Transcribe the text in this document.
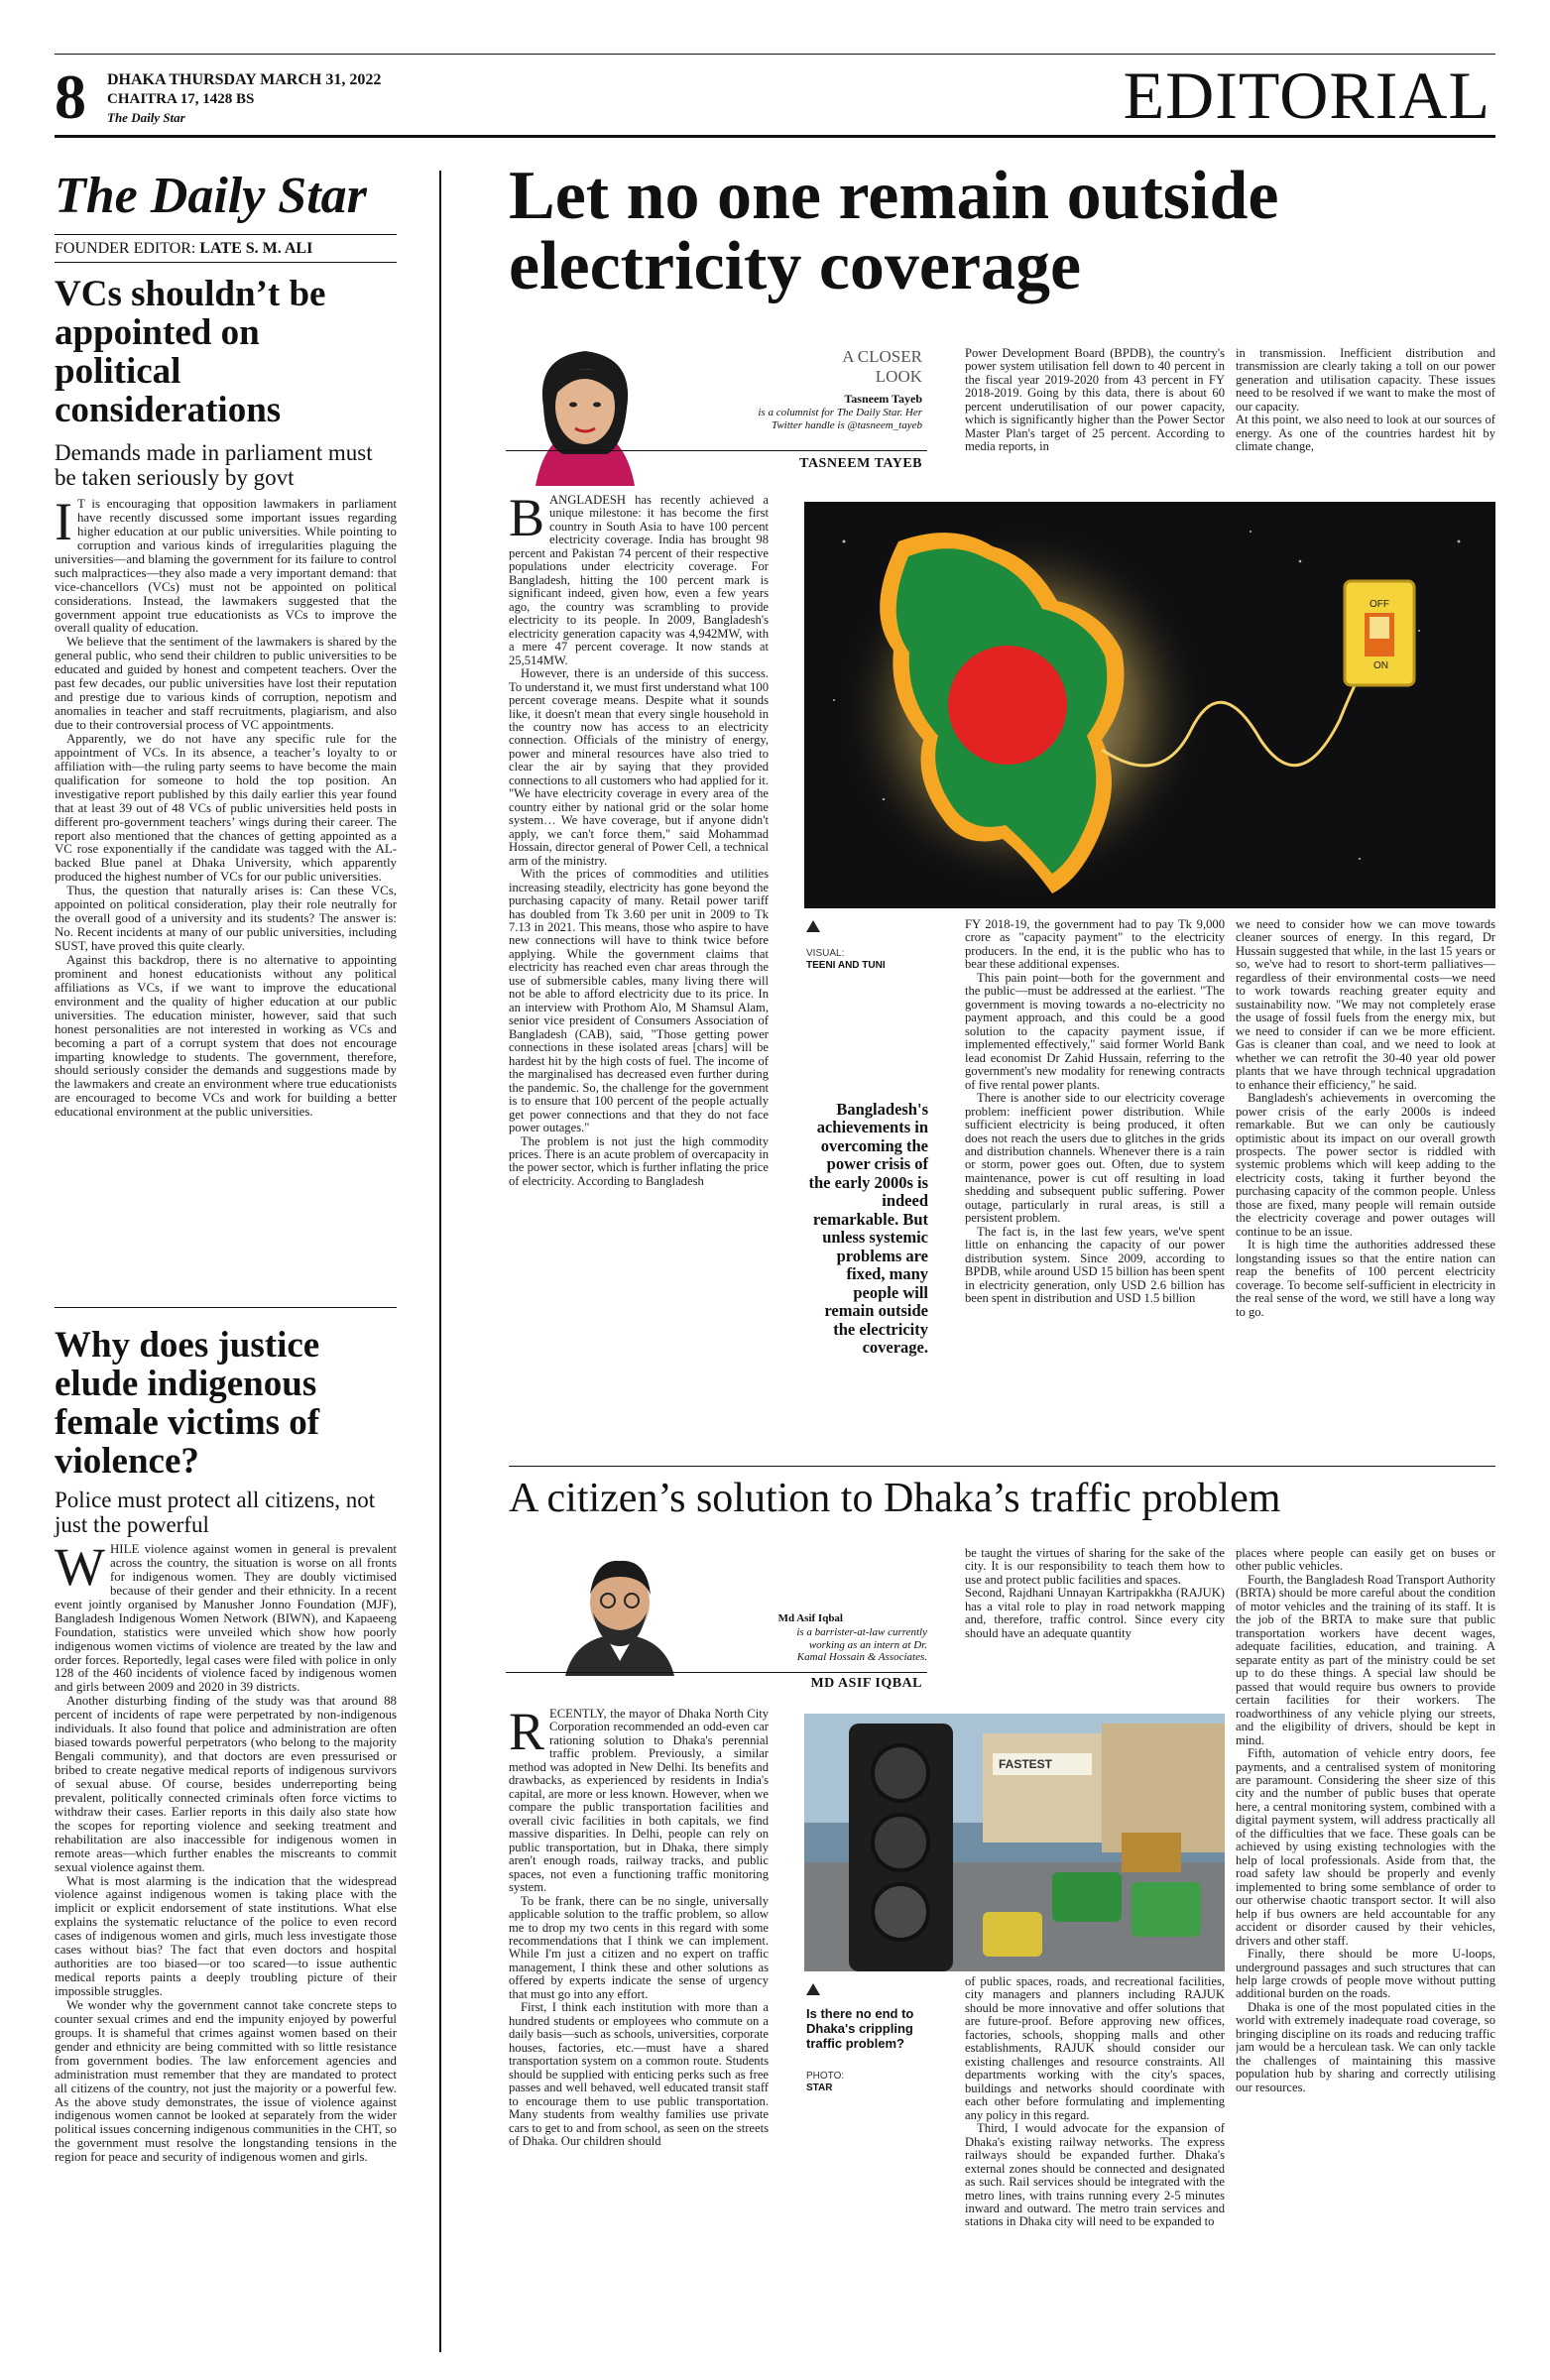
8 DHAKA THURSDAY MARCH 31, 2022
CHAITRA 17, 1428 BS
The Daily Star	EDITORIAL
The Daily Star
FOUNDER EDITOR: LATE S. M. ALI
VCs shouldn’t be appointed on political considerations
Demands made in parliament must be taken seriously by govt
I T is encouraging that opposition lawmakers in parliament have recently discussed some important issues regarding higher education at our public universities. While pointing to corruption and various kinds of irregularities plaguing the universities—and blaming the government for its failure to control such malpractices—they also made a very important demand: that vice-chancellors (VCs) must not be appointed on political considerations. Instead, the lawmakers suggested that the government appoint true educationists as VCs to improve the overall quality of education.

We believe that the sentiment of the lawmakers is shared by the general public, who send their children to public universities to be educated and guided by honest and competent teachers. Over the past few decades, our public universities have lost their reputation and prestige due to various kinds of corruption, nepotism and anomalies in teacher and staff recruitments, plagiarism, and also due to their controversial process of VC appointments.

Apparently, we do not have any specific rule for the appointment of VCs. In its absence, a teacher’s loyalty to or affiliation with—the ruling party seems to have become the main qualification for someone to hold the top position. An investigative report published by this daily earlier this year found that at least 39 out of 48 VCs of public universities held posts in different pro-government teachers’ wings during their career. The report also mentioned that the chances of getting appointed as a VC rose exponentially if the candidate was tagged with the AL-backed Blue panel at Dhaka University, which apparently produced the highest number of VCs for our public universities.

Thus, the question that naturally arises is: Can these VCs, appointed on political consideration, play their role neutrally for the overall good of a university and its students? The answer is: No. Recent incidents at many of our public universities, including SUST, have proved this quite clearly.

Against this backdrop, there is no alternative to appointing prominent and honest educationists without any political affiliations as VCs, if we want to improve the educational environment and the quality of higher education at our public universities. The education minister, however, said that such honest personalities are not interested in working as VCs and becoming a part of a corrupt system that does not encourage imparting knowledge to students. The government, therefore, should seriously consider the demands and suggestions made by the lawmakers and create an environment where true educationists are encouraged to become VCs and work for building a better educational environment at the public universities.

Why does justice elude indigenous female victims of violence?
Police must protect all citizens, not just the powerful
W HILE violence against women in general is prevalent across the country, the situation is worse on all fronts for indigenous women. They are doubly victimised because of their gender and their ethnicity. In a recent event jointly organised by Manusher Jonno Foundation (MJF), Bangladesh Indigenous Women Network (BIWN), and Kapaeeng Foundation, statistics were unveiled which show how poorly indigenous women victims of violence are treated by the law and order forces. Reportedly, legal cases were filed with police in only 128 of the 460 incidents of violence faced by indigenous women and girls between 2009 and 2020 in 39 districts.

Another disturbing finding of the study was that around 88 percent of incidents of rape were perpetrated by non-indigenous individuals. It also found that police and administration are often biased towards powerful perpetrators (who belong to the majority Bengali community), and that doctors are even pressurised or bribed to create negative medical reports of indigenous survivors of sexual abuse. Of course, besides underreporting being prevalent, politically connected criminals often force victims to withdraw their cases. Earlier reports in this daily also state how the scopes for reporting violence and seeking treatment and rehabilitation are also inaccessible for indigenous women in remote areas—which further enables the miscreants to commit sexual violence against them.

What is most alarming is the indication that the widespread violence against indigenous women is taking place with the implicit or explicit endorsement of state institutions. What else explains the systematic reluctance of the police to even record cases of indigenous women and girls, much less investigate those cases without bias? The fact that even doctors and hospital authorities are too biased—or too scared—to issue authentic medical reports paints a deeply troubling picture of their impossible struggles.

We wonder why the government cannot take concrete steps to counter sexual crimes and end the impunity enjoyed by powerful groups. It is shameful that crimes against women based on their gender and ethnicity are being committed with so little resistance from government bodies. The law enforcement agencies and administration must remember that they are mandated to protect all citizens of the country, not just the majority or a powerful few. As the above study demonstrates, the issue of violence against indigenous women cannot be looked at separately from the wider political issues concerning indigenous communities in the CHT, so the government must resolve the longstanding tensions in the region for peace and security of indigenous women and girls.

Let no one remain outside electricity coverage
A CLOSER LOOK
Tasneem Tayeb
is a columnist for The Daily Star. Her Twitter handle is @tasneem_tayeb
TASNEEM TAYEB
B ANGLADESH has recently achieved a unique milestone: it has become the first country in South Asia to have 100 percent electricity coverage. India has brought 98 percent and Pakistan 74 percent of their respective populations under electricity coverage. For Bangladesh, hitting the 100 percent mark is significant indeed, given how, even a few years ago, the country was scrambling to provide electricity to its people. In 2009, Bangladesh's electricity generation capacity was 4,942MW, with a mere 47 percent coverage. It now stands at 25,514MW.

However, there is an underside of this success. To understand it, we must first understand what 100 percent coverage means. Despite what it sounds like, it doesn't mean that every single household in the country now has access to an electricity connection. Officials of the ministry of energy, power and mineral resources have also tried to clear the air by saying that they provided connections to all customers who had applied for it. "We have electricity coverage in every area of the country either by national grid or the solar home system… We have coverage, but if anyone didn't apply, we can't force them," said Mohammad Hossain, director general of Power Cell, a technical arm of the ministry.

With the prices of commodities and utilities increasing steadily, electricity has gone beyond the purchasing capacity of many. Retail power tariff has doubled from Tk 3.60 per unit in 2009 to Tk 7.13 in 2021. This means, those who aspire to have new connections will have to think twice before applying. While the government claims that electricity has reached even char areas through the use of submersible cables, many living there will not be able to afford electricity due to its price. In an interview with Prothom Alo, M Shamsul Alam, senior vice president of Consumers Association of Bangladesh (CAB), said, "Those getting power connections in these isolated areas [chars] will be hardest hit by the high costs of fuel. The income of the marginalised has decreased even further during the pandemic. So, the challenge for the government is to ensure that 100 percent of the people actually get power connections and that they do not face power outages."

The problem is not just the high commodity prices. There is an acute problem of overcapacity in the power sector, which is further inflating the price of electricity. According to Bangladesh

Power Development Board (BPDB), the country's power system utilisation fell down to 40 percent in the fiscal year 2019-2020 from 43 percent in FY 2018-2019. Going by this data, there is about 60 percent underutilisation of our power capacity, which is significantly higher than the Power Sector Master Plan's target of 25 percent. According to media reports, in
in transmission. Inefficient distribution and transmission are clearly taking a toll on our power generation and utilisation capacity. These issues need to be resolved if we want to make the most of our capacity.
At this point, we also need to look at our sources of energy. As one of the countries hardest hit by climate change,
OFF
ON
VISUAL:
TEENI AND TUNI
Bangladesh's achievements in overcoming the power crisis of the early 2000s is indeed remarkable. But unless systemic problems are fixed, many people will remain outside the electricity coverage.

FY 2018-19, the government had to pay Tk 9,000 crore as "capacity payment" to the electricity producers. In the end, it is the public who has to bear these additional expenses.

This pain point—both for the government and the public—must be addressed at the earliest. "The government is moving towards a no-electricity no payment approach, and this could be a good solution to the capacity payment issue, if implemented effectively," said former World Bank lead economist Dr Zahid Hussain, referring to the government's new modality for renewing contracts of five rental power plants.

There is another side to our electricity coverage problem: inefficient power distribution. While sufficient electricity is being produced, it often does not reach the users due to glitches in the grids and distribution channels. Whenever there is a rain or storm, power goes out. Often, due to system maintenance, power is cut off resulting in load shedding and subsequent public suffering. Power outage, particularly in rural areas, is still a persistent problem.

The fact is, in the last few years, we've spent little on enhancing the capacity of our power distribution system. Since 2009, according to BPDB, while around USD 15 billion has been spent in electricity generation, only USD 2.6 billion has been spent in distribution and USD 1.5 billion

we need to consider how we can move towards cleaner sources of energy. In this regard, Dr Hussain suggested that while, in the last 15 years or so, we've had to resort to short-term palliatives—regardless of their environmental costs—we need to work towards reaching greater equity and sustainability now. "We may not completely erase the usage of fossil fuels from the energy mix, but we need to consider if can we be more efficient. Gas is cleaner than coal, and we need to look at whether we can retrofit the 30-40 year old power plants that we have through technical upgradation to enhance their efficiency," he said.

Bangladesh's achievements in overcoming the power crisis of the early 2000s is indeed remarkable. But we can only be cautiously optimistic about its impact on our overall growth prospects. The power sector is riddled with systemic problems which will keep adding to the electricity costs, taking it further beyond the purchasing capacity of the common people. Unless those are fixed, many people will remain outside the electricity coverage and power outages will continue to be an issue.

It is high time the authorities addressed these longstanding issues so that the entire nation can reap the benefits of 100 percent electricity coverage. To become self-sufficient in electricity in the real sense of the word, we still have a long way to go.

A citizen’s solution to Dhaka’s traffic problem
Md Asif Iqbal
is a barrister-at-law currently working as an intern at Dr. Kamal Hossain & Associates.
MD ASIF IQBAL
R ECENTLY, the mayor of Dhaka North City Corporation recommended an odd-even car rationing solution to Dhaka's perennial traffic problem. Previously, a similar method was adopted in New Delhi. Its benefits and drawbacks, as experienced by residents in India's capital, are more or less known. However, when we compare the public transportation facilities and overall civic facilities in both capitals, we find massive disparities. In Delhi, people can rely on public transportation, but in Dhaka, there simply aren't enough roads, railway tracks, and public spaces, not even a functioning traffic monitoring system.

To be frank, there can be no single, universally applicable solution to the traffic problem, so allow me to drop my two cents in this regard with some recommendations that I think we can implement. While I'm just a citizen and no expert on traffic management, I think these and other solutions as offered by experts indicate the sense of urgency that must go into any effort.

First, I think each institution with more than a hundred students or employees who commute on a daily basis—such as schools, universities, corporate houses, factories, etc.—must have a shared transportation system on a common route. Students should be supplied with enticing perks such as free passes and well behaved, well educated transit staff to encourage them to use public transportation. Many students from wealthy families use private cars to get to and from school, as seen on the streets of Dhaka. Our children should

be taught the virtues of sharing for the sake of the city. It is our responsibility to teach them how to use and protect public facilities and spaces.
Second, Rajdhani Unnayan Kartripakkha (RAJUK) has a vital role to play in road network mapping and, therefore, traffic control. Since every city should have an adequate quantity
FASTEST
Is there no end to Dhaka's crippling traffic problem?
PHOTO:
STAR

of public spaces, roads, and recreational facilities, city managers and planners including RAJUK should be more innovative and offer solutions that are future-proof. Before approving new offices, factories, schools, shopping malls and other establishments, RAJUK should consider our existing challenges and resource constraints. All departments working with the city's spaces, buildings and networks should coordinate with each other before formulating and implementing any policy in this regard.

Third, I would advocate for the expansion of Dhaka's existing railway networks. The express railways should be expanded further. Dhaka's external zones should be connected and designated as such. Rail services should be integrated with the metro lines, with trains running every 2-5 minutes inward and outward. The metro train services and stations in Dhaka city will need to be expanded to

places where people can easily get on buses or other public vehicles.

Fourth, the Bangladesh Road Transport Authority (BRTA) should be more careful about the condition of motor vehicles and the training of its staff. It is the job of the BRTA to make sure that public transportation workers have decent wages, adequate facilities, education, and training. A separate entity as part of the ministry could be set up to do these things. A special law should be passed that would require bus owners to provide certain facilities for their workers. The roadworthiness of any vehicle plying our streets, and the eligibility of drivers, should be kept in mind.

Fifth, automation of vehicle entry doors, fee payments, and a centralised system of monitoring are paramount. Considering the sheer size of this city and the number of public buses that operate here, a central monitoring system, combined with a digital payment system, will address practically all of the difficulties that we face. These goals can be achieved by using existing technologies with the help of local professionals. Aside from that, the road safety law should be properly and evenly implemented to bring some semblance of order to our otherwise chaotic transport sector. It will also help if bus owners are held accountable for any accident or disorder caused by their vehicles, drivers and other staff.

Finally, there should be more U-loops, underground passages and such structures that can help large crowds of people move without putting additional burden on the roads.

Dhaka is one of the most populated cities in the world with extremely inadequate road coverage, so bringing discipline on its roads and reducing traffic jam would be a herculean task. We can only tackle the challenges of maintaining this massive population hub by sharing and correctly utilising our resources.
